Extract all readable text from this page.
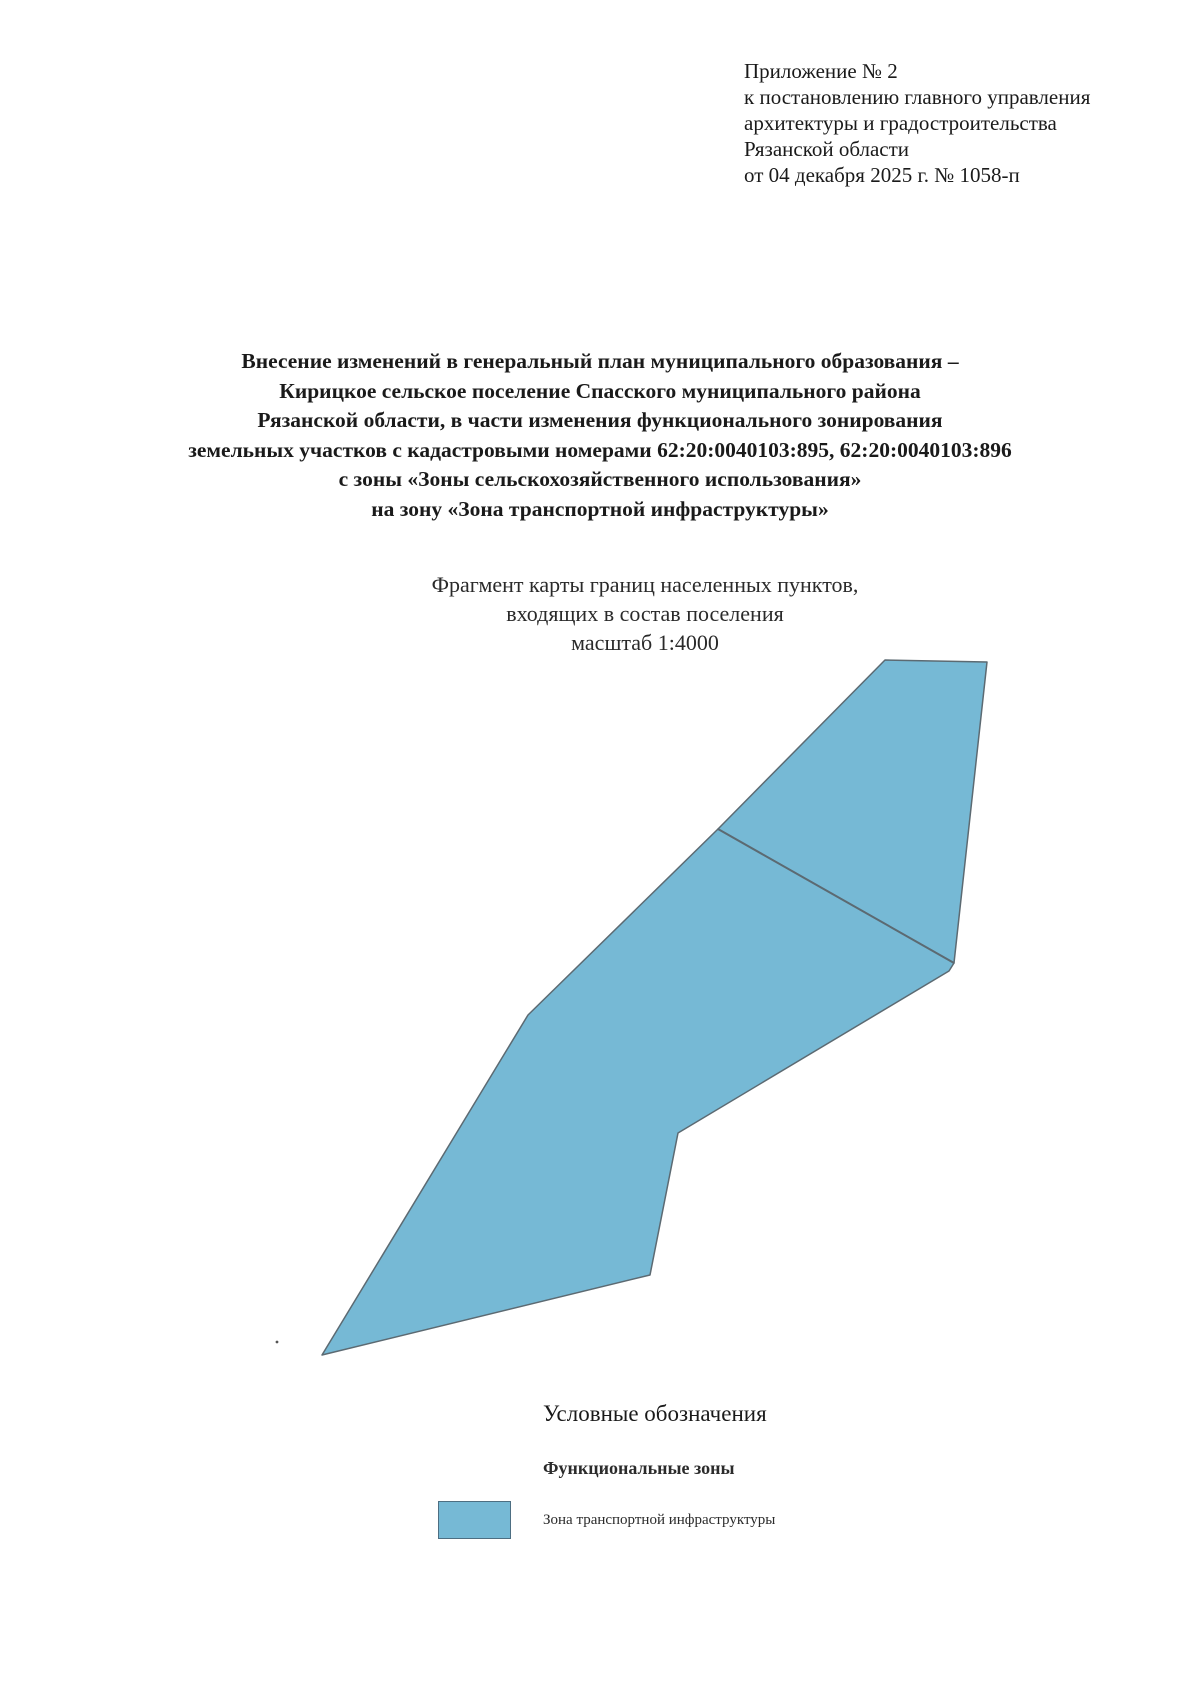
Приложение № 2
к постановлению главного управления
архитектуры и градостроительства
Рязанской области
от 04 декабря 2025 г. № 1058-п
Внесение изменений в генеральный план муниципального образования –
Кирицкое сельское поселение Спасского муниципального района
Рязанской области, в части изменения функционального зонирования
земельных участков с кадастровыми номерами 62:20:0040103:895, 62:20:0040103:896
с зоны «Зоны сельскохозяйственного использования»
на зону «Зона транспортной инфраструктуры»
Фрагмент карты границ населенных пунктов,
входящих в состав поселения
масштаб 1:4000
Условные обозначения
Функциональные зоны
Зона транспортной инфраструктуры
